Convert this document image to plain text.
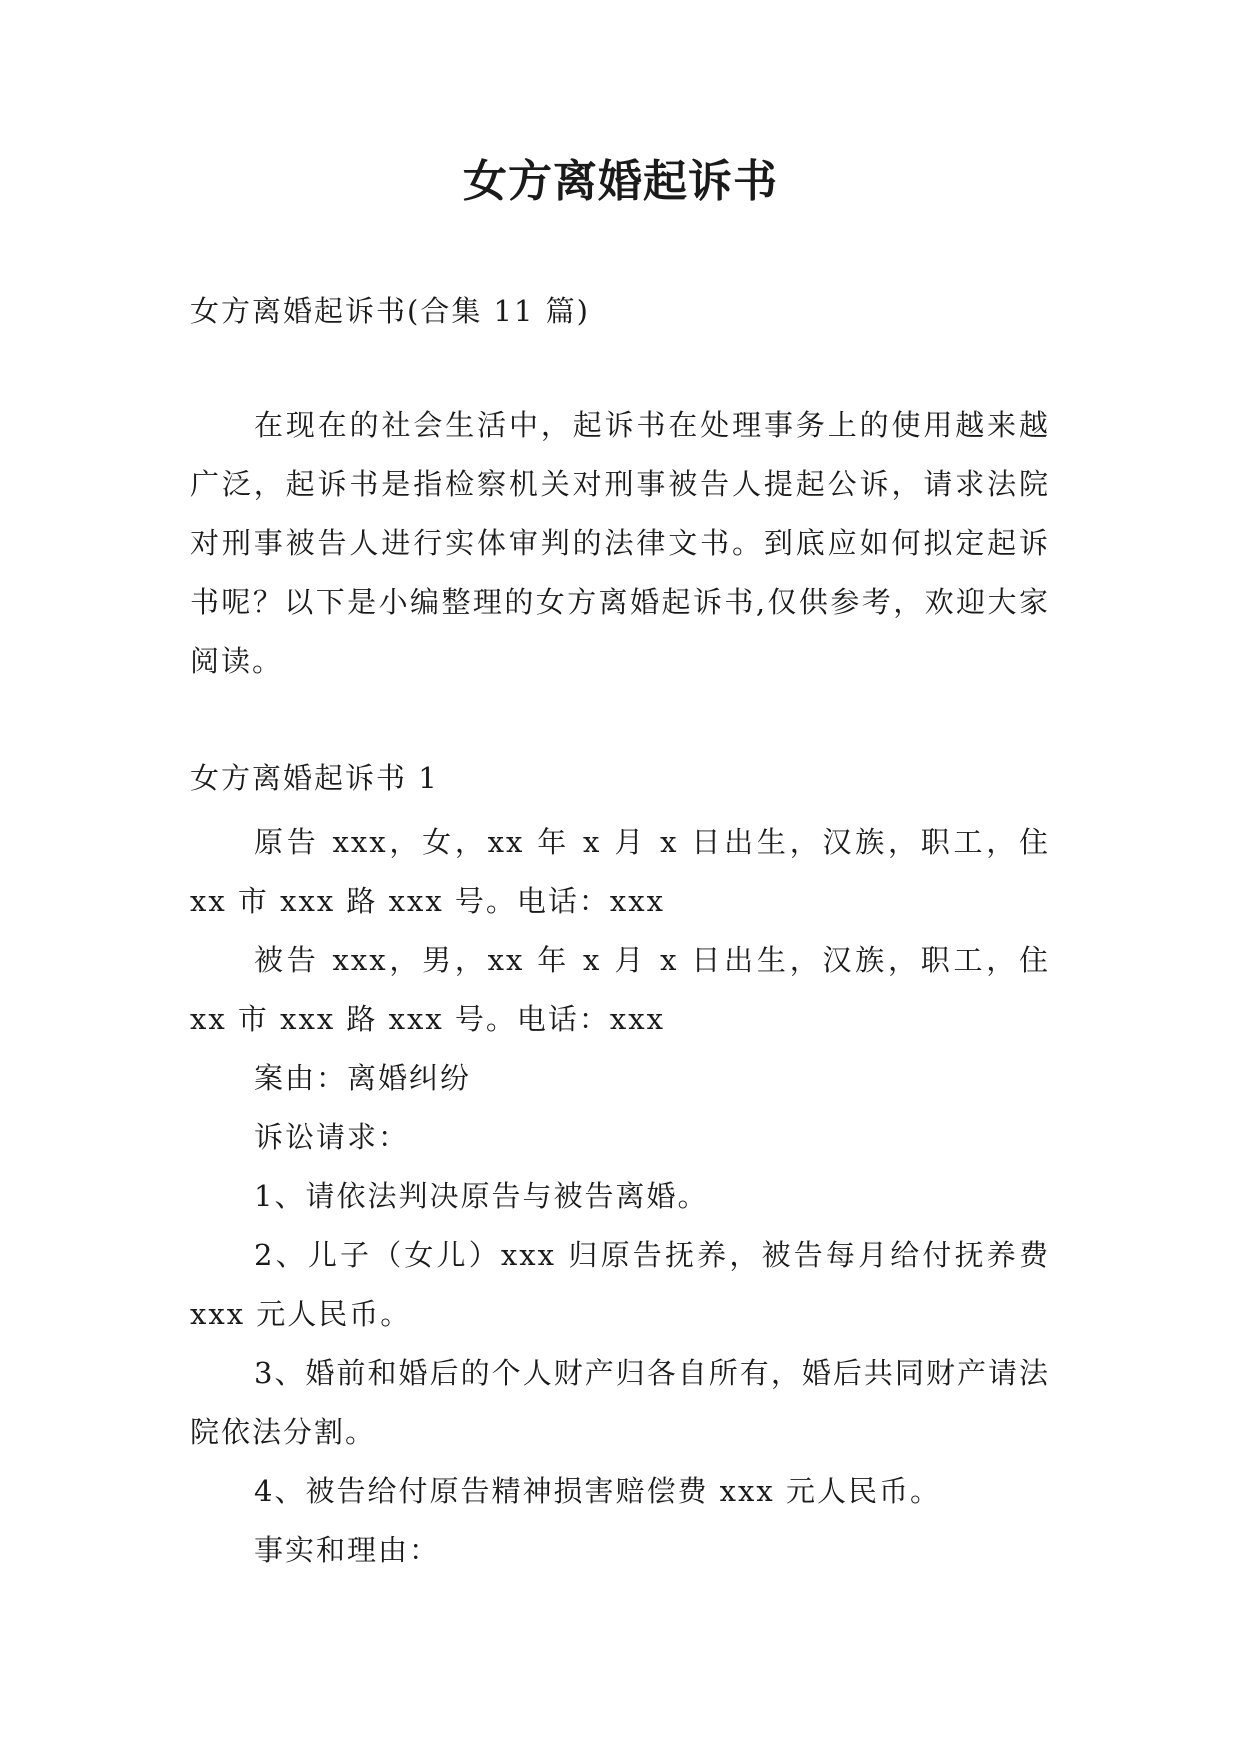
女方离婚起诉书

女方离婚起诉书(合集 11 篇)

在现在的社会生活中，起诉书在处理事务上的使用越来越广泛，起诉书是指检察机关对刑事被告人提起公诉，请求法院对刑事被告人进行实体审判的法律文书。到底应如何拟定起诉书呢？以下是小编整理的女方离婚起诉书,仅供参考，欢迎大家阅读。

女方离婚起诉书 1

原告 xxx，女，xx 年 x 月 x 日出生，汉族，职工，住 xx 市 xxx 路 xxx 号。电话：xxx

被告 xxx，男，xx 年 x 月 x 日出生，汉族，职工，住 xx 市 xxx 路 xxx 号。电话：xxx

案由：离婚纠纷

诉讼请求：

1、请依法判决原告与被告离婚。

2、儿子（女儿）xxx 归原告抚养，被告每月给付抚养费 xxx 元人民币。

3、婚前和婚后的个人财产归各自所有，婚后共同财产请法院依法分割。

4、被告给付原告精神损害赔偿费 xxx 元人民币。

事实和理由：
